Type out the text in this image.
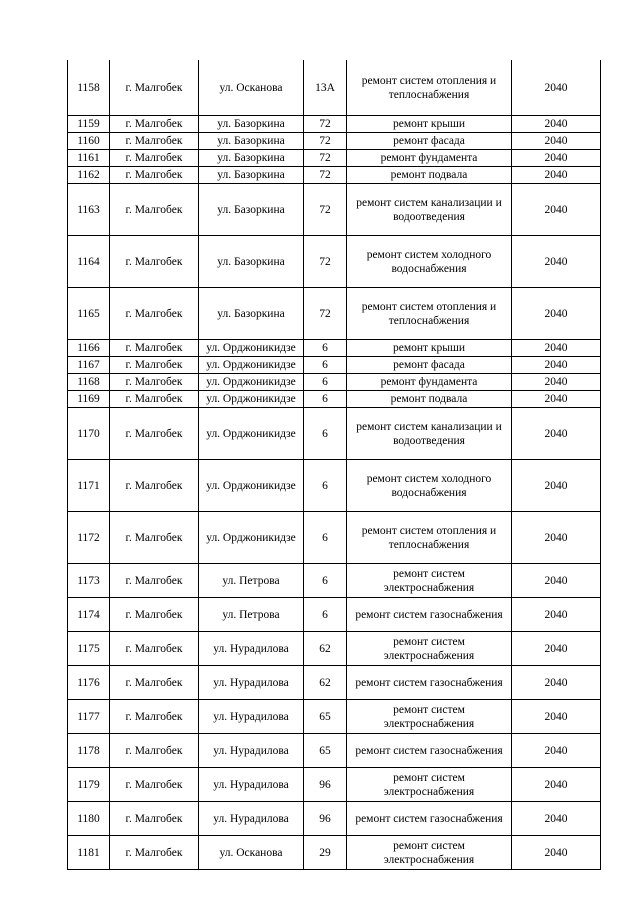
1158	г. Малгобек	ул. Осканова	13А	ремонт систем отопления и теплоснабжения	2040
1159	г. Малгобек	ул. Базоркина	72	ремонт крыши	2040
1160	г. Малгобек	ул. Базоркина	72	ремонт фасада	2040
1161	г. Малгобек	ул. Базоркина	72	ремонт фундамента	2040
1162	г. Малгобек	ул. Базоркина	72	ремонт подвала	2040
1163	г. Малгобек	ул. Базоркина	72	ремонт систем канализации и водоотведения	2040
1164	г. Малгобек	ул. Базоркина	72	ремонт систем холодного водоснабжения	2040
1165	г. Малгобек	ул. Базоркина	72	ремонт систем отопления и теплоснабжения	2040
1166	г. Малгобек	ул. Орджоникидзе	6	ремонт крыши	2040
1167	г. Малгобек	ул. Орджоникидзе	6	ремонт фасада	2040
1168	г. Малгобек	ул. Орджоникидзе	6	ремонт фундамента	2040
1169	г. Малгобек	ул. Орджоникидзе	6	ремонт подвала	2040
1170	г. Малгобек	ул. Орджоникидзе	6	ремонт систем канализации и водоотведения	2040
1171	г. Малгобек	ул. Орджоникидзе	6	ремонт систем холодного водоснабжения	2040
1172	г. Малгобек	ул. Орджоникидзе	6	ремонт систем отопления и теплоснабжения	2040
1173	г. Малгобек	ул. Петрова	6	ремонт систем электроснабжения	2040
1174	г. Малгобек	ул. Петрова	6	ремонт систем газоснабжения	2040
1175	г. Малгобек	ул. Нурадилова	62	ремонт систем электроснабжения	2040
1176	г. Малгобек	ул. Нурадилова	62	ремонт систем газоснабжения	2040
1177	г. Малгобек	ул. Нурадилова	65	ремонт систем электроснабжения	2040
1178	г. Малгобек	ул. Нурадилова	65	ремонт систем газоснабжения	2040
1179	г. Малгобек	ул. Нурадилова	96	ремонт систем электроснабжения	2040
1180	г. Малгобек	ул. Нурадилова	96	ремонт систем газоснабжения	2040
1181	г. Малгобек	ул. Осканова	29	ремонт систем электроснабжения	2040
